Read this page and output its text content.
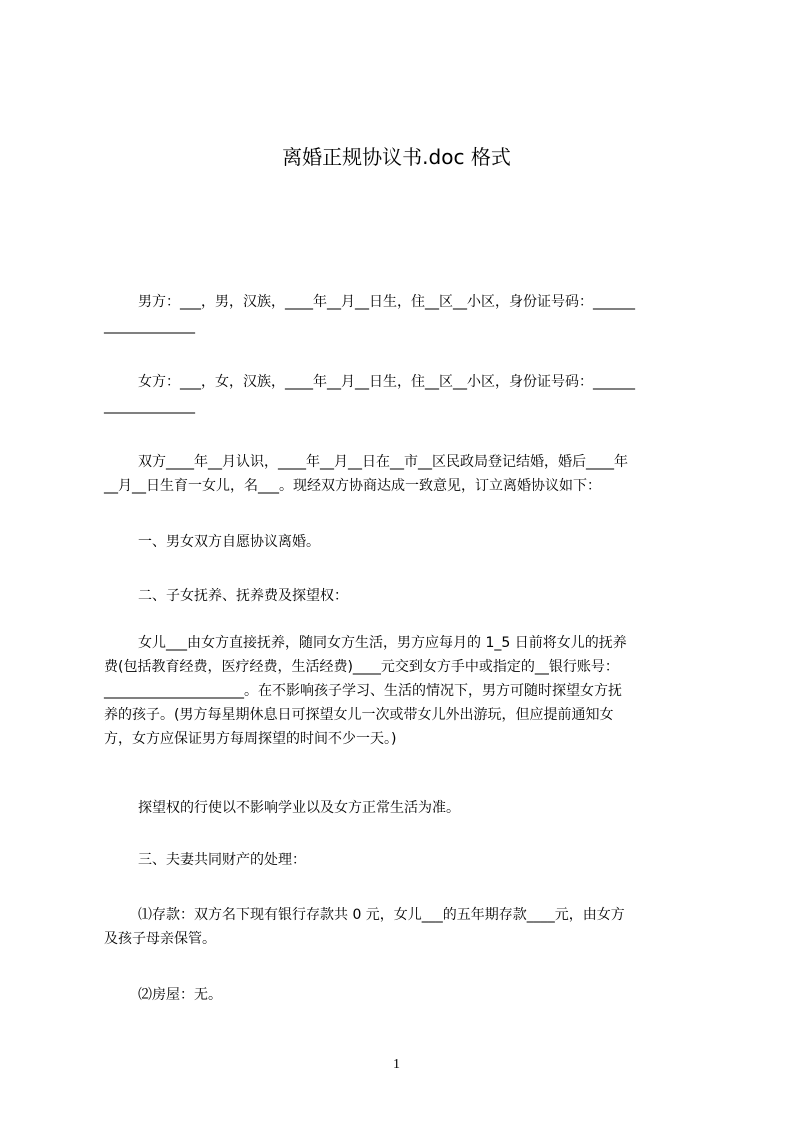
离婚正规协议书.doc 格式
男方：___，男，汉族，____年__月__日生，住__区__小区，身份证号码：______
_____________
女方：___，女，汉族，____年__月__日生，住__区__小区，身份证号码：______
_____________
双方____年__月认识，____年__月__日在__市__区民政局登记结婚，婚后____年
__月__日生育一女儿，名___。现经双方协商达成一致意见，订立离婚协议如下：
一、男女双方自愿协议离婚。
二、子女抚养、抚养费及探望权：
女儿___由女方直接抚养，随同女方生活，男方应每月的 1_5 日前将女儿的抚养
费(包括教育经费，医疗经费，生活经费)____元交到女方手中或指定的__银行账号：
____________________。在不影响孩子学习、生活的情况下，男方可随时探望女方抚
养的孩子。(男方每星期休息日可探望女儿一次或带女儿外出游玩，但应提前通知女
方，女方应保证男方每周探望的时间不少一天。)
探望权的行使以不影响学业以及女方正常生活为准。
三、夫妻共同财产的处理：
⑴存款：双方名下现有银行存款共 0 元，女儿___的五年期存款____元，由女方
及孩子母亲保管。
⑵房屋：无。
1
